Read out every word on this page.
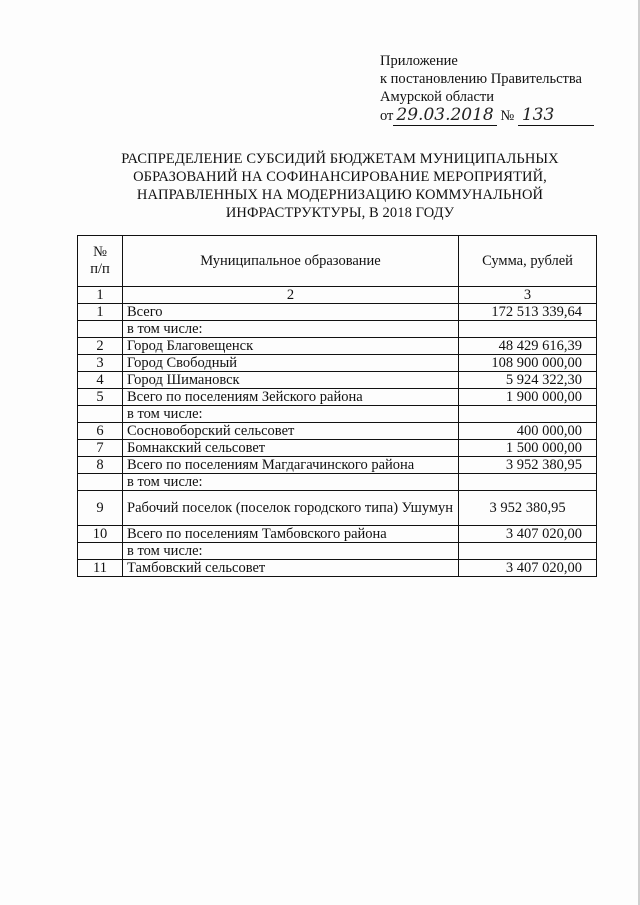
Приложение
к постановлению Правительства
Амурской области
от 29.03.2018 № 133
РАСПРЕДЕЛЕНИЕ СУБСИДИЙ БЮДЖЕТАМ МУНИЦИПАЛЬНЫХ ОБРАЗОВАНИЙ НА СОФИНАНСИРОВАНИЕ МЕРОПРИЯТИЙ, НАПРАВЛЕННЫХ НА МОДЕРНИЗАЦИЮ КОММУНАЛЬНОЙ ИНФРАСТРУКТУРЫ, В 2018 ГОДУ
№
п/п	Муниципальное образование	Сумма, рублей
1	2	3
1	Всего	172 513 339,64
	в том числе:	
2	Город Благовещенск	48 429 616,39
3	Город Свободный	108 900 000,00
4	Город Шимановск	5 924 322,30
5	Всего по поселениям Зейского района	1 900 000,00
	в том числе:	
6	Сосновоборский сельсовет	400 000,00
7	Бомнакский сельсовет	1 500 000,00
8	Всего по поселениям Магдагачинского района	3 952 380,95
	в том числе:	
9	Рабочий поселок (поселок городского типа) Ушумун	3 952 380,95
10	Всего по поселениям Тамбовского района	3 407 020,00
	в том числе:	
11	Тамбовский сельсовет	3 407 020,00
